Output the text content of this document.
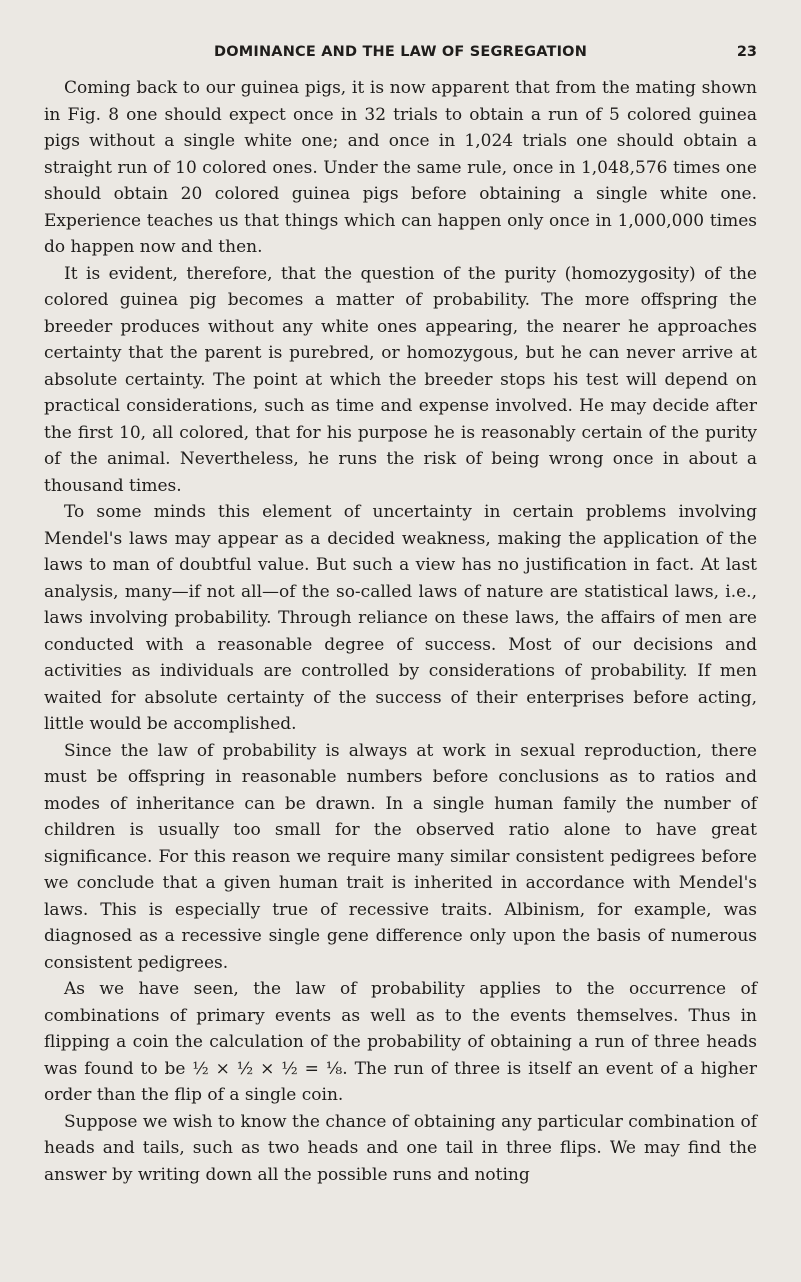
DOMINANCE AND THE LAW OF SEGREGATION	23

Coming back to our guinea pigs, it is now apparent that from the mating shown in Fig. 8 one should expect once in 32 trials to obtain a run of 5 colored guinea pigs without a single white one; and once in 1,024 trials one should obtain a straight run of 10 colored ones. Under the same rule, once in 1,048,576 times one should obtain 20 colored guinea pigs before obtaining a single white one. Experience teaches us that things which can happen only once in 1,000,000 times do happen now and then.

It is evident, therefore, that the question of the purity (homozygosity) of the colored guinea pig becomes a matter of probability. The more offspring the breeder produces without any white ones appearing, the nearer he approaches certainty that the parent is purebred, or homozygous, but he can never arrive at absolute certainty. The point at which the breeder stops his test will depend on practical considerations, such as time and expense involved. He may decide after the first 10, all colored, that for his purpose he is reasonably certain of the purity of the animal. Nevertheless, he runs the risk of being wrong once in about a thousand times.

To some minds this element of uncertainty in certain problems involving Mendel's laws may appear as a decided weakness, making the application of the laws to man of doubtful value. But such a view has no justification in fact. At last analysis, many—if not all—of the so-called laws of nature are statistical laws, i.e., laws involving probability. Through reliance on these laws, the affairs of men are conducted with a reasonable degree of success. Most of our decisions and activities as individuals are controlled by considerations of probability. If men waited for absolute certainty of the success of their enterprises before acting, little would be accomplished.

Since the law of probability is always at work in sexual reproduction, there must be offspring in reasonable numbers before conclusions as to ratios and modes of inheritance can be drawn. In a single human family the number of children is usually too small for the observed ratio alone to have great significance. For this reason we require many similar consistent pedigrees before we conclude that a given human trait is inherited in accordance with Mendel's laws. This is especially true of recessive traits. Albinism, for example, was diagnosed as a recessive single gene difference only upon the basis of numerous consistent pedigrees.

As we have seen, the law of probability applies to the occurrence of combinations of primary events as well as to the events themselves. Thus in flipping a coin the calculation of the probability of obtaining a run of three heads was found to be ½ × ½ × ½ = ⅛. The run of three is itself an event of a higher order than the flip of a single coin.

Suppose we wish to know the chance of obtaining any particular combination of heads and tails, such as two heads and one tail in three flips. We may find the answer by writing down all the possible runs and noting
